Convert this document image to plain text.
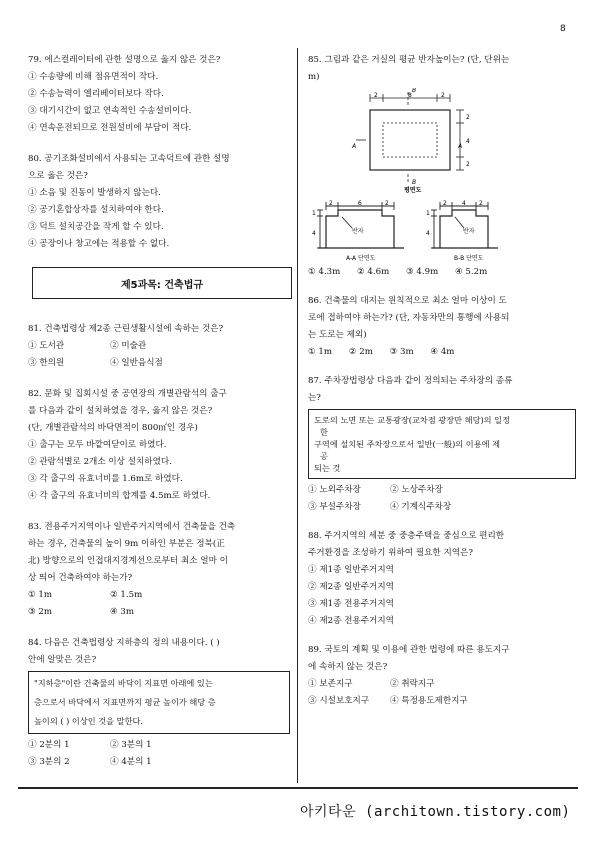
8

79. 에스컬레이터에 관한 설명으로 옳지 않은 것은?

① 수송량에 비해 점유면적이 작다.

② 수송능력이 엘리베이터보다 작다.

③ 대기시간이 없고 연속적인 수송설비이다.

④ 연속운전되므로 전원설비에 부담이 적다.

80. 공기조화설비에서 사용되는 고속덕트에 관한 설명

으로 옳은 것은?

① 소음 및 진동이 발생하지 않는다.

② 공기혼합상자를 설치하여야 한다.

③ 덕트 설치공간을 작게 할 수 있다.

④ 공장이나 창고에는 적용할 수 없다.

제5과목: 건축법규

81. 건축법령상 제2종 근린생활시설에 속하는 것은?

① 도서관	② 미술관
③ 한의원	④ 일반음식점

82. 문화 및 집회시설 중 공연장의 개별관람석의 출구

를 다음과 같이 설치하였을 경우, 옳지 않은 것은?

(단, 개별관람석의 바닥면적이 800㎡인 경우)

① 출구는 모두 바깥여닫이로 하였다.

② 관람석별로 2개소 이상 설치하였다.

③ 각 출구의 유효너비를 1.6m로 하였다.

④ 각 출구의 유효너비의 합계를 4.5m로 하였다.

83. 전용주거지역이나 일반주거지역에서 건축물을 건축

하는 경우, 건축물의 높이 9m 이하인 부분은 정북(正

北) 방향으로의 인접대지경계선으로부터 최소 얼마 이

상 띄어 건축하여야 하는가?

① 1m	② 1.5m
③ 2m	④ 3m

84. 다음은 건축법령상 지하층의 정의 내용이다. ( )

안에 알맞은 것은?

"지하층"이란 건축물의 바닥이 지표면 아래에 있는
층으로서 바닥에서 지표면까지 평균 높이가 해당 층
높이의 ( ) 이상인 것을 말한다.
① 2분의 1	② 3분의 1
③ 3분의 2	④ 4분의 1

85. 그림과 같은 거실의 평균 반자높이는? (단, 단위는

m)

2	8	2
2
4
2
A	A
B
B
평면도
2	6	2
1
4	반자
A-A 단면도
2	4 2
1
4	반자
B-B 단면도
① 4.3m ② 4.6m ③ 4.9m ④ 5.2m

86. 건축물의 대지는 원칙적으로 최소 얼마 이상이 도

로에 접하여야 하는가? (단, 자동차만의 통행에 사용되

는 도로는 제외)

① 1m ② 2m ③ 3m ④ 4m

87. 주차장법령상 다음과 같이 정의되는 주차장의 종류

는?

도로의 노면 또는 교통광장(교차점 광장만 해당)의 일정
한
구역에 설치된 주차장으로서 일반(一般)의 이용에 제
공
되는 것
① 노외주차장	② 노상주차장
③ 부설주차장	④ 기계식주차장

88. 주거지역의 세분 중 중층주택을 중심으로 편리한

주거환경을 조성하기 위하여 필요한 지역은?

① 제1종 일반주거지역

② 제2종 일반주거지역

③ 제1종 전용주거지역

④ 제2종 전용주거지역

89. 국토의 계획 및 이용에 관한 법령에 따른 용도지구

에 속하지 않는 것은?

① 보존지구	② 취락지구
③ 시설보호지구	④ 특정용도제한지구
아키타운 (architown.tistory.com)
